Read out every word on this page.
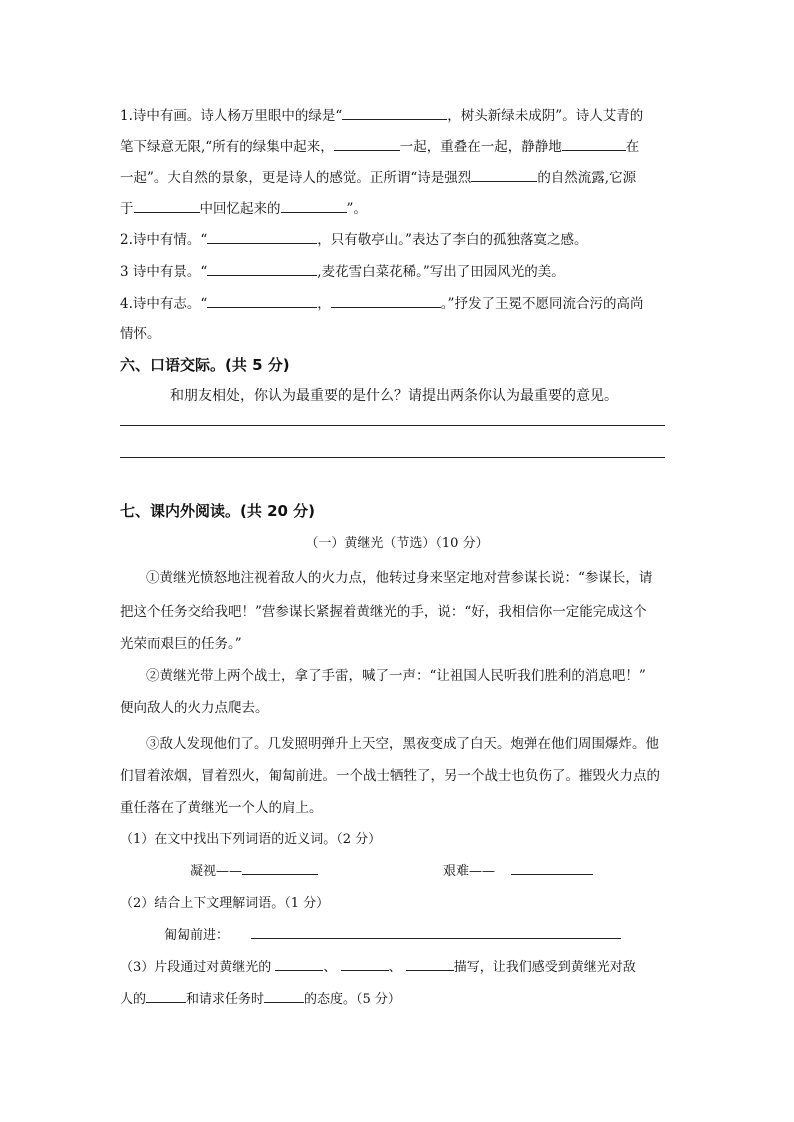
1.诗中有画。诗人杨万里眼中的绿是“	，树头新绿未成阴”。诗人艾青的
笔下绿意无限,“所有的绿集中起来，	一起，重叠在一起，静静地	在
一起”。大自然的景象，更是诗人的感觉。正所谓“诗是强烈	的自然流露,它源
于	中回忆起来的	”。
2.诗中有情。“	，只有敬亭山。”表达了李白的孤独落寞之感。
3 诗中有景。“	,麦花雪白菜花稀。”写出了田园风光的美。
4.诗中有志。“	，	。”抒发了王冕不愿同流合污的高尚
情怀。
六、口语交际。(共 5 分)
和朋友相处，你认为最重要的是什么？请提出两条你认为最重要的意见。
七、课内外阅读。(共 20 分)
（一）黄继光（节选）（10 分）
①黄继光愤怒地注视着敌人的火力点，他转过身来坚定地对营参谋长说：“参谋长，请
把这个任务交给我吧！”营参谋长紧握着黄继光的手，说：“好，我相信你一定能完成这个
光荣而艰巨的任务。”
②黄继光带上两个战士，拿了手雷，喊了一声：“让祖国人民听我们胜利的消息吧！”
便向敌人的火力点爬去。
③敌人发现他们了。几发照明弹升上天空，黑夜变成了白天。炮弹在他们周围爆炸。他
们冒着浓烟，冒着烈火，匍匐前进。一个战士牺牲了，另一个战士也负伤了。摧毁火力点的
重任落在了黄继光一个人的肩上。
（1）在文中找出下列词语的近义词。（2 分）
凝视——	艰难——
（2）结合上下文理解词语。（1 分）
匍匐前进：
（3）片段通过对黄继光的	、	、	描写，让我们感受到黄继光对敌
人的	和请求任务时	的态度。（5 分）
